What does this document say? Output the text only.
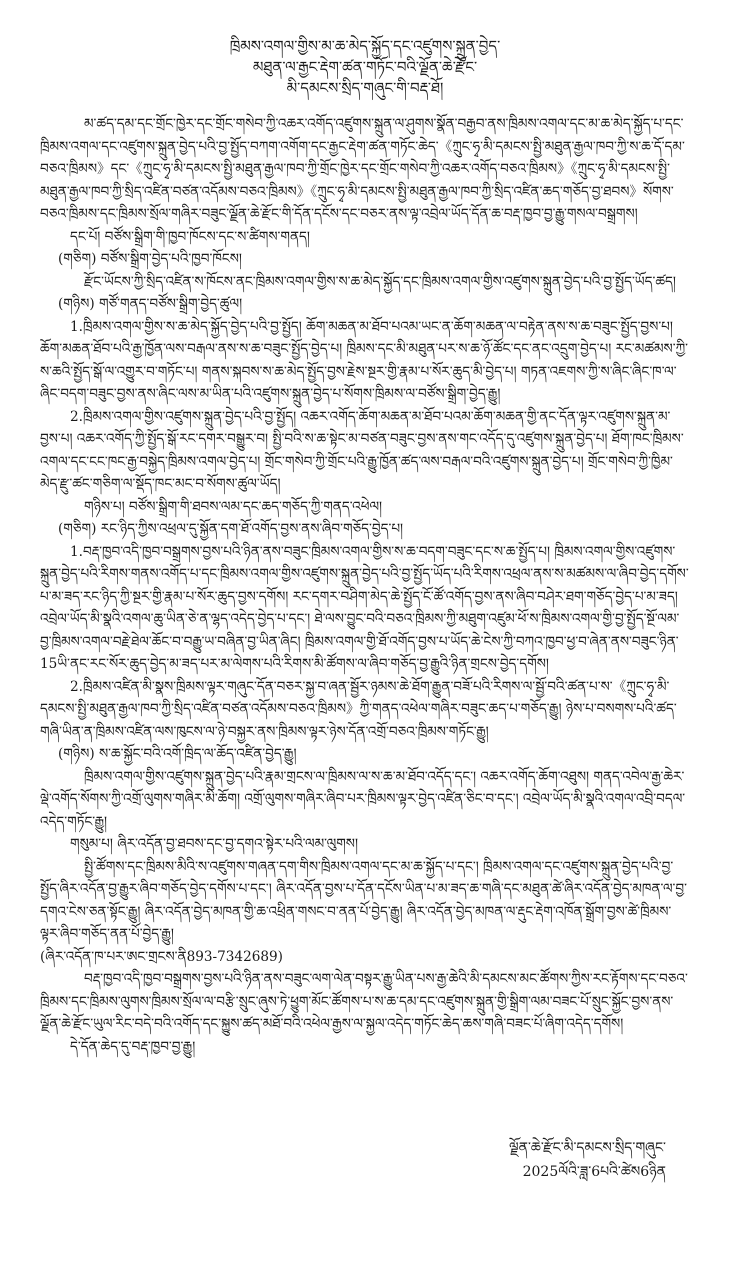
ཁྲིམས་འགལ་གྱིས་མ་ཆ་མེད་སྐྱོད་དང་འཛུགས་སྐྲུན་བྱེད་

མཐུན་ལ་རྒྱང་རྡེག་ཚན་གཏོང་བའི་ལྗོན་ཆེ་རྫོང་

མི་དམངས་སྲིད་གཞུང་གི་བརྡ་ཐོ།

མ་ཚད་དམ་དང་གྲོང་ཁྱེར་དང་གྲོང་གསེབ་ཀྱི་འཆར་འགོད་འཛུགས་སྐྲུན་ལ་ཤུགས་སྣོན་བརྒྱབ་ནས་ཁྲིམས་འགལ་དང་མ་ཆ་མེད་སྐྱོད་པ་དང་ཁྲིམས་འགལ་དང་འཛུགས་སྐྲུན་བྱེད་པའི་བྱ་སྤྱོད་བཀག་འགོག་དང་རྒྱང་རྡེག་ཚན་གཏོང་ཆེད་《ཀྲུང་ཧྭ་མི་དམངས་སྤྱི་མཐུན་རྒྱལ་ཁབ་ཀྱི་ས་ཆ་དོ་དམ་བཅའ་ཁྲིམས》དང་《ཀྲུང་ཧྭ་མི་དམངས་སྤྱི་མཐུན་རྒྱལ་ཁབ་ཀྱི་གྲོང་ཁྱེར་དང་གྲོང་གསེབ་ཀྱི་འཆར་འགོད་བཅའ་ཁྲིམས》《ཀྲུང་ཧྭ་མི་དམངས་སྤྱི་མཐུན་རྒྱལ་ཁབ་ཀྱི་སྲིད་འཛིན་བཙན་འདོམས་བཅའ་ཁྲིམས》《ཀྲུང་ཧྭ་མི་དམངས་སྤྱི་མཐུན་རྒྱལ་ཁབ་ཀྱི་སྲིད་འཛིན་ཆད་གཅོད་བྱ་ཐབས》སོགས་བཅའ་ཁྲིམས་དང་ཁྲིམས་སྲོལ་གཞིར་བཟུང་ལྗོན་ཆེ་རྫོང་གི་དོན་དངོས་དང་བཅར་ནས་ལྟ་འབྲེལ་ཡོད་དོན་ཆ་བརྡ་ཁྱབ་བྱ་རྒྱུ་གསལ་བསྒྲགས།

དང་པོ། བཙོས་སྒྲིག་གི་ཁྱབ་ཁོངས་དང་ས་ཚིགས་གནད།

(གཅིག) བཙོས་སྒྲིག་བྱེད་པའི་ཁྱབ་ཁོངས།

རྫོང་ཡོངས་ཀྱི་སྲིད་འཛིན་ས་ཁོངས་ནང་ཁྲིམས་འགལ་གྱིས་ས་ཆ་མེད་སྐྱོད་དང་ཁྲིམས་འགལ་གྱིས་འཛུགས་སྐྲུན་བྱེད་པའི་བྱ་སྤྱོད་ཡོད་ཚད།

(གཉིས) གཙོ་གནད་བཙོས་སྒྲིག་བྱེད་ཚུལ།

1.ཁྲིམས་འགལ་གྱིས་ས་ཆ་མེད་སྐྱོད་བྱེད་པའི་བྱ་སྤྱོད། ཆོག་མཆན་མ་ཐོབ་པའམ་ཡང་ན་ཆོག་མཆན་ལ་བརྟེན་ནས་ས་ཆ་བཟུང་སྤྱོད་བྱས་པ། ཆོག་མཆན་ཐོབ་པའི་རྒྱ་ཁྱོན་ལས་བརྒལ་ནས་ས་ཆ་བཟུང་སྤྱོད་བྱེད་པ། ཁྲིམས་དང་མི་མཐུན་པར་ས་ཆ་ཉོ་ཚོང་དང་ནང་འདྲུག་བྱེད་པ། རང་མཚམས་ཀྱི་ས་ཆའི་སྤྱོད་སྒོ་ལ་འགྱུར་བ་གཏོང་པ། གནས་སྐབས་ས་ཆ་མེད་སྤྱོད་བྱས་རྗེས་སྔར་གྱི་རྣམ་པ་སོར་ཆུད་མི་བྱེད་པ། གཏན་འཇགས་ཀྱི་ས་ཞིང་ཞིང་ཁ་ལ་ཞིང་བདག་བཟུང་བྱས་ནས་ཞིང་ལས་མ་ཡིན་པའི་འཛུགས་སྐྲུན་བྱེད་པ་སོགས་ཁྲིམས་ལ་བཙོས་སྒྲིག་བྱེད་རྒྱུ།

2.ཁྲིམས་འགལ་གྱིས་འཛུགས་སྐྲུན་བྱེད་པའི་བྱ་སྤྱོད། འཆར་འགོད་ཆོག་མཆན་མ་ཐོབ་པའམ་ཆོག་མཆན་གྱི་ནང་དོན་ལྟར་འཛུགས་སྐྲུན་མ་བྱས་པ། འཆར་འགོད་ཀྱི་སྤྱོད་སྒོ་རང་དགར་བསྒྱུར་བ། སྤྱི་བའི་ས་ཆ་སྟེང་མ་བཙན་བཟུང་བྱས་ནས་གང་འདོད་དུ་འཛུགས་སྐྲུན་བྱེད་པ། ཐོག་ཁང་ཁྲིམས་འགལ་དང་ངང་ཁང་རྒྱ་བསྐྱེད་ཁྲིམས་འགལ་བྱེད་པ། གྲོང་གསེབ་ཀྱི་གྲོང་པའི་རྒྱུ་ཁྱོན་ཚད་ལས་བརྒལ་བའི་འཛུགས་སྐྲུན་བྱེད་པ། གྲོང་གསེབ་ཀྱི་ཁྱིམ་མེད་རྫུ་ཚང་གཅིག་ལ་སྡོད་ཁང་མང་བ་སོགས་ཚུལ་ཡོད།

གཉིས་པ། བཙོས་སྒྲིག་གི་ཐབས་ལམ་དང་ཆད་གཅོད་ཀྱི་གནད་འཕེལ།

(གཅིག) རང་ཉིད་ཀྱིས་འཕྲལ་དུ་སྐྱོན་དག་ཐོ་འགོད་བྱས་ནས་ཞིབ་གཅོད་བྱེད་པ།

1.བརྡ་ཁྱབ་འདི་ཁྱབ་བསྒྲགས་བྱས་པའི་ཉིན་ནས་བཟུང་ཁྲིམས་འགལ་གྱིས་ས་ཆ་བདག་བཟུང་དང་ས་ཆ་སྤྱོད་པ། ཁྲིམས་འགལ་གྱིས་འཛུགས་སྐྲུན་བྱེད་པའི་རིགས་གནས་འགོད་པ་དང་ཁྲིམས་འགལ་གྱིས་འཛུགས་སྐྲུན་བྱེད་པའི་བྱ་སྤྱོད་ཡོད་པའི་རིགས་འཕྲལ་ནས་ས་མཚམས་ལ་ཞིབ་བྱེད་དགོས་པ་མ་ཟད་རང་ཉིད་ཀྱི་སྔར་གྱི་རྣམ་པ་སོར་ཆུད་བྱས་དགོས། རང་དགར་བཤིག་མེད་ཆེ་སྤྱོད་ངོ་ཚོ་འགོད་བྱས་ནས་ཞིབ་བཤེར་ཐག་གཅོད་བྱེད་པ་མ་ཟད། འབྲེལ་ཡོད་མི་སྣའི་འགལ་ཆུ་ཡིན་ཅེ་ན་ལྷད་འདེད་བྱེད་པ་དང་། ཐེ་ལས་བྱུང་བའི་བཅའ་ཁྲིམས་ཀྱི་མཐུག་འཛུམ་ཕོ་ས་ཁྲིམས་འགལ་གྱི་བྱ་སྤྱོད་སྔོ་ལམ་བྱ་ཁྲིམས་འགལ་བརྗེ་ཐེལ་ཆོང་བ་བརྒྱུ་ཡ་བཞིན་བྱ་ཡིན་ཞིང། ཁྲིམས་འགལ་གྱི་ཐོ་འགོད་བྱས་པ་ཡོད་ཆེ་ངེས་ཀྱི་བཀའ་ཁྱབ་ཕྱ་བ་ཞེན་ནས་བཟུང་ཉིན་15ཡི་ནང་རང་སོར་ཆུད་བྱེད་མ་ཟད་པར་མ་ལེགས་པའི་རིགས་མི་ཚོགས་ལ་ཞིབ་གཅོད་བྱ་རྒྱུའི་ཉིན་གྲངས་བྱེད་དགོས།

2.ཁྲིམས་འཛིན་མི་སྣས་ཁྲིམས་ལྟར་གཞུང་དོན་བཅར་སྐྱ་བ་ཞན་སྦྱོར་ཉམས་ཆེ་ཐོག་རྒྱུན་བཟོ་པའི་རིགས་ལ་སྦྱོ་བའི་ཚན་པ་ས་《ཀྲུང་ཧྭ་མི་དམངས་སྤྱི་མཐུན་རྒྱལ་ཁབ་ཀྱི་སྲིད་འཛིན་བཙན་འདོམས་བཅའ་ཁྲིམས》ཀྱི་གནད་འཕེལ་གཞིར་བཟུང་ཆད་པ་གཅོད་རྒྱུ། ཉེས་པ་བསགས་པའི་ཚད་གཞི་ཡིན་ན་ཁྲིམས་འཛིན་ལས་ཁུངས་ལ་ཉེ་བསྐྱར་ནས་ཁྲིམས་ལྟར་ཉེས་དོན་འགྲོ་བཅའ་ཁྲིམས་གཏོང་རྒྱུ།

(གཉིས) ས་ཆ་སྐྱོང་བའི་འགོ་ཁྲིད་ལ་ཆོད་འཛིན་བྱེད་རྒྱུ།

ཁྲིམས་འགལ་གྱིས་འཛུགས་སྐྲུན་བྱེད་པའི་རྣམ་གྲངས་ལ་ཁྲིམས་ལ་ས་ཆ་མ་ཐོབ་འདོད་དང་། འཆར་འགོད་ཆོག་འཐུས། གནད་འབེལ་རྒྱ་ཆེར་ལྡེ་འགོད་སོགས་ཀྱི་འགྲོ་ལུགས་གཞིར་མི་ཆོག། འགྲོ་ལུགས་གཞིར་ཞིབ་པར་ཁྲིམས་ལྟར་བྱེད་འཛིན་ཅིང་བ་དང་། འབྲེལ་ཡོད་མི་སྣའི་འགལ་འབྲི་བདལ་འདེད་གཏོང་རྒྱུ།

གསུམ་པ། ཞིར་འདོན་བྱ་ཐབས་དང་བྱ་དགའ་སྟེར་པའི་ལམ་ལུགས།

སྤྱི་ཚོགས་དང་ཁྲིམས་མིའི་ས་འཛུགས་གཞན་དག་གིས་ཁྲིམས་འགལ་དང་མ་ཆ་སྐྱོད་པ་དང་། ཁྲིམས་འགལ་དང་འཛུགས་སྐྲུན་བྱེད་པའི་བྱ་སྤྱོད་ཞིར་འདོན་བྱ་རྒྱུར་ཞིབ་གཅོད་བྱེད་དགོས་པ་དང་། ཞིར་འདོན་བྱས་པ་དོན་དངོས་ཡིན་པ་མ་ཟད་ཆ་གཞི་དང་མཐུན་ཚེ་ཞིར་འདོན་བྱེད་མཁན་ལ་བྱ་དགའ་ངེས་ཅན་སྟོང་རྒྱུ། ཞིར་འདོན་བྱེད་མཁན་གྱི་ཆ་འཕྲིན་གསང་བ་ནན་པོ་བྱེད་རྒྱུ། ཞིར་འདོན་བྱེད་མཁན་ལ་རྡུང་རྡེག་འཁོན་སྒྲོག་བྱས་ཚེ་ཁྲིམས་ལྟར་ཞིབ་གཅོད་ནན་པོ་བྱེད་རྒྱུ།

(ཞིར་འདོན་ཁ་པར་ཨང་གྲངས་ནི893-7342689)

བརྡ་ཁྱབ་འདི་ཁྱབ་བསྒྲགས་བྱས་པའི་ཉིན་ནས་བཟུང་ལག་ལེན་བསྟར་རྒྱུ་ཡིན་པས་རྒྱ་ཆེའི་མི་དམངས་མང་ཚོགས་ཀྱིས་རང་རྟོགས་དང་བཅའ་ཁྲིམས་དང་ཁྲིམས་ལུགས་ཁྲིམས་སྲོལ་ལ་བརྩི་སྲུང་ཞུས་ཏེ་ཕྱུག་མོང་ཚོགས་པ་ས་ཆ་དམ་དང་འཛུགས་སྐྲུན་གྱི་སྒྲིག་ལམ་བཟང་པོ་སྲུང་སྐྱོང་བྱས་ནས་ལྗོན་ཆེ་རྫོང་ཡུལ་རིང་བདེ་བའི་འགོད་དང་སྐྱུས་ཚད་མཐོ་བའི་འཕེལ་རྒྱས་ལ་སྐྱལ་འདེད་གཏོང་ཆེད་ཆས་གཞི་བཟང་པོ་ཞིག་འདེད་དགོས།

དེ་དོན་ཆེད་དུ་བརྡ་ཁྱབ་བྱ་རྒྱུ།

ལྗོན་ཆེ་རྫོང་མི་དམངས་སྲིད་གཞུང་
2025ལོའི་ཟླ་6པའི་ཚེས6ཉིན
